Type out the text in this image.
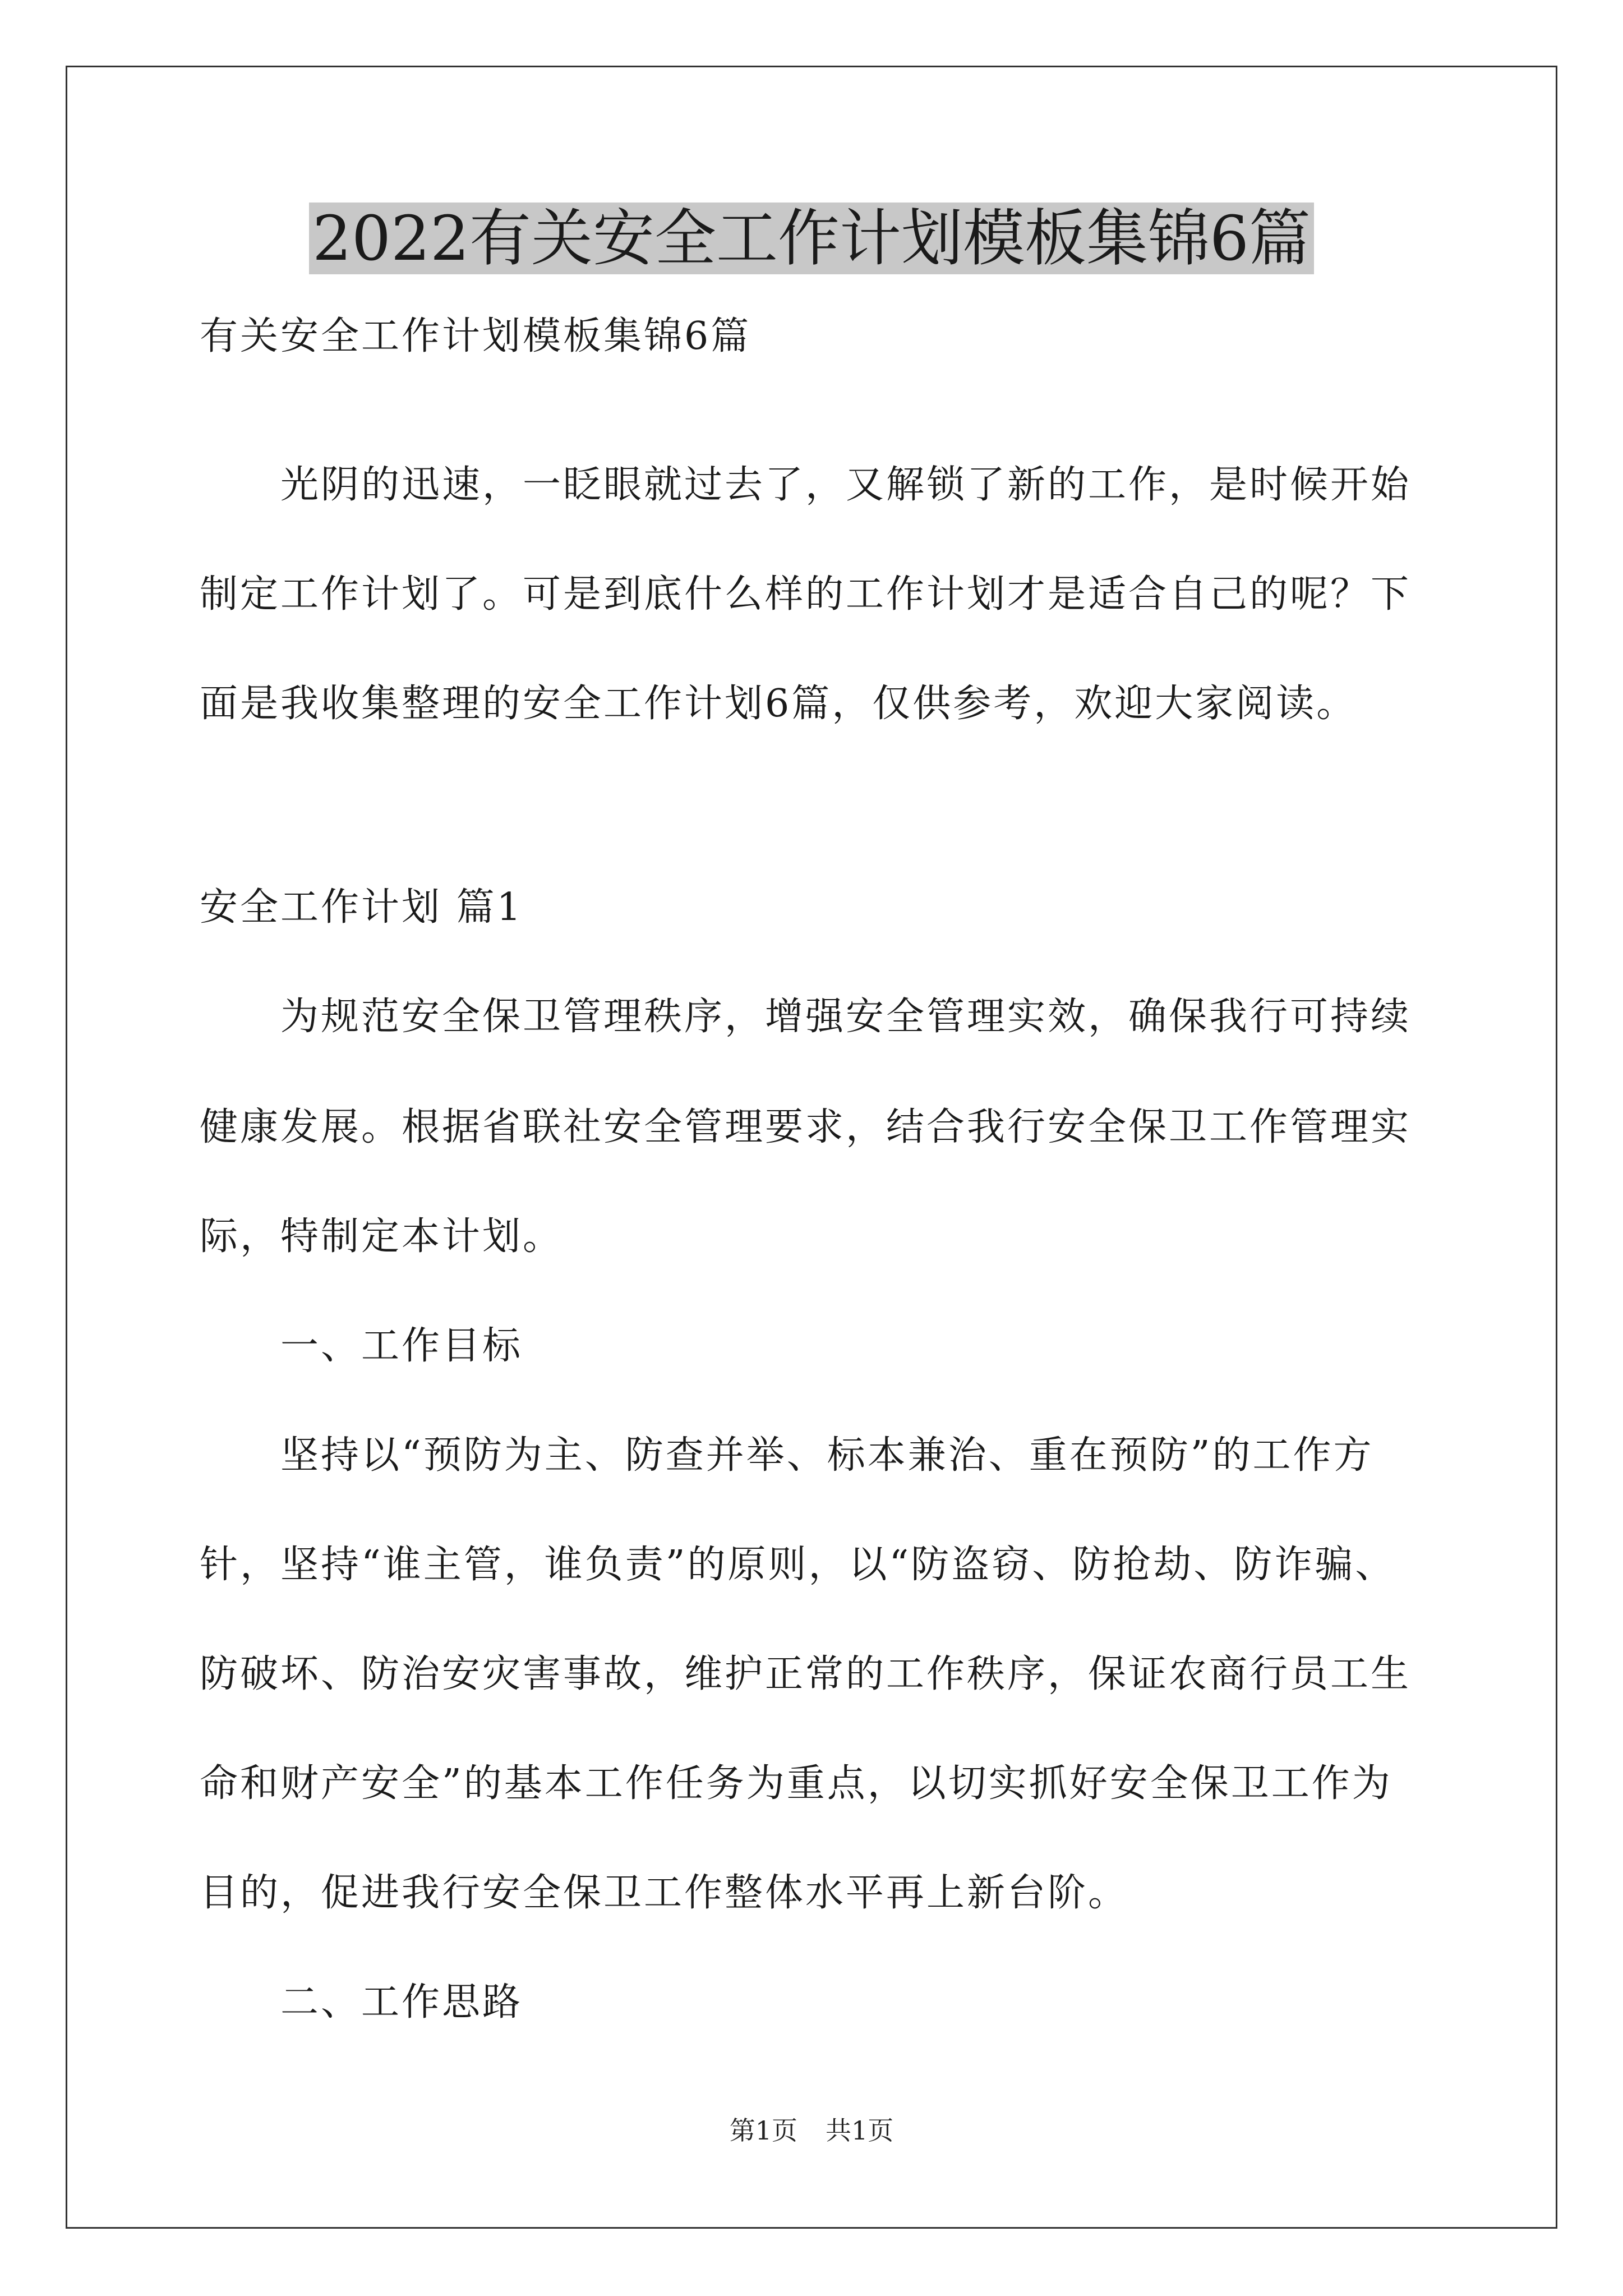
2022有关安全工作计划模板集锦6篇
有关安全工作计划模板集锦6篇
　　光阴的迅速，一眨眼就过去了，又解锁了新的工作，是时候开始
制定工作计划了。可是到底什么样的工作计划才是适合自己的呢？下
面是我收集整理的安全工作计划6篇，仅供参考，欢迎大家阅读。
安全工作计划 篇1
　　为规范安全保卫管理秩序，增强安全管理实效，确保我行可持续
健康发展。根据省联社安全管理要求，结合我行安全保卫工作管理实
际，特制定本计划。
　　一、工作目标
　　坚持以“预防为主、防查并举、标本兼治、重在预防”的工作方
针，坚持“谁主管，谁负责”的原则，以“防盗窃、防抢劫、防诈骗、
防破坏、防治安灾害事故，维护正常的工作秩序，保证农商行员工生
命和财产安全”的基本工作任务为重点，以切实抓好安全保卫工作为
目的，促进我行安全保卫工作整体水平再上新台阶。
　　二、工作思路
第1页 共1页
